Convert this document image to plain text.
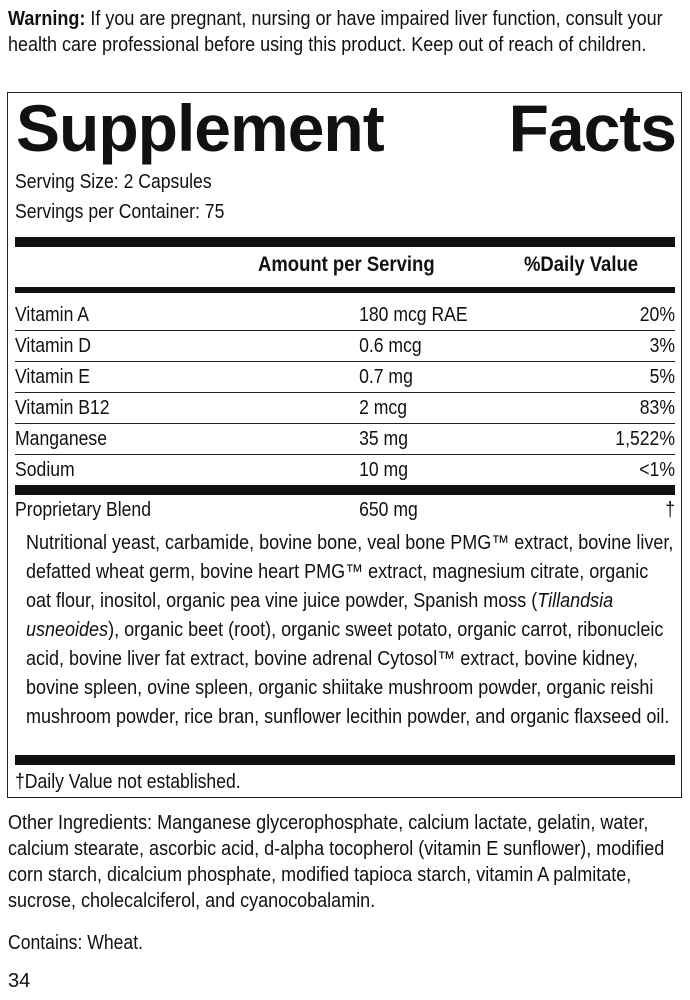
Warning: If you are pregnant, nursing or have impaired liver function, consult your health care professional before using this product. Keep out of reach of children.
Supplement Facts
Serving Size: 2 Capsules
Servings per Container: 75
Amount per Serving	%Daily Value
Vitamin A	180 mcg RAE	20%
Vitamin D	0.6 mcg	3%
Vitamin E	0.7 mg	5%
Vitamin B12	2 mcg	83%
Manganese	35 mg	1,522%
Sodium	10 mg	<1%
Proprietary Blend	650 mg	†
Nutritional yeast, carbamide, bovine bone, veal bone PMG™ extract, bovine liver, defatted wheat germ, bovine heart PMG™ extract, magnesium citrate, organic oat flour, inositol, organic pea vine juice powder, Spanish moss (Tillandsia usneoides), organic beet (root), organic sweet potato, organic carrot, ribonucleic acid, bovine liver fat extract, bovine adrenal Cytosol™ extract, bovine kidney, bovine spleen, ovine spleen, organic shiitake mushroom powder, organic reishi mushroom powder, rice bran, sunflower lecithin powder, and organic flaxseed oil.
†Daily Value not established.
Other Ingredients: Manganese glycerophosphate, calcium lactate, gelatin, water, calcium stearate, ascorbic acid, d-alpha tocopherol (vitamin E sunflower), modified corn starch, dicalcium phosphate, modified tapioca starch, vitamin A palmitate, sucrose, cholecalciferol, and cyanocobalamin.
Contains: Wheat.
34
